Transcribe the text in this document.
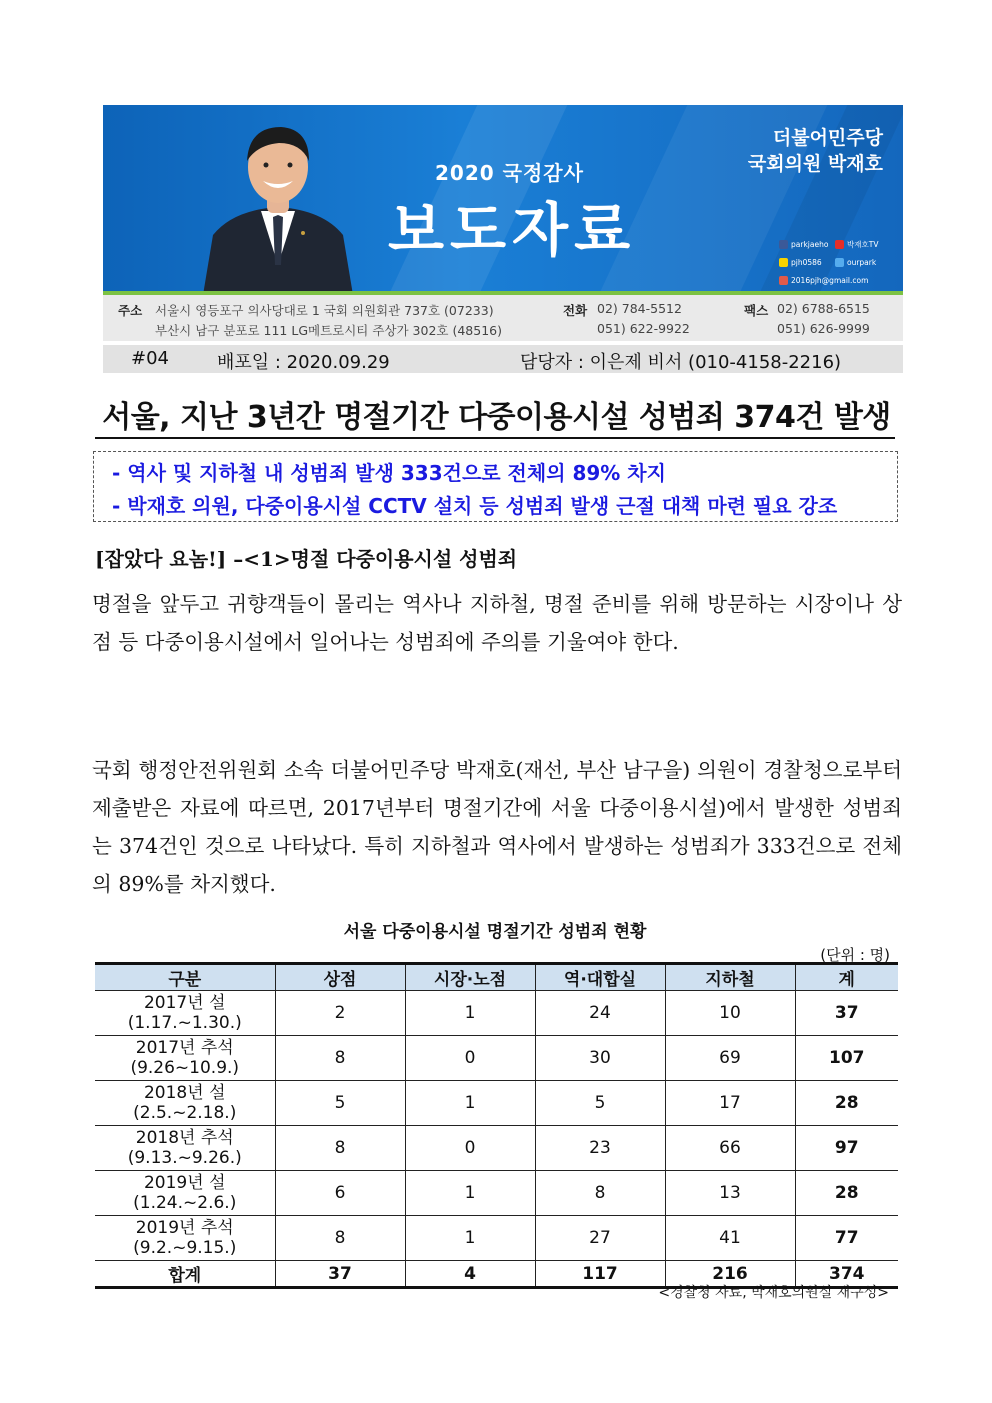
2020 국정감사
보도자료
더불어민주당
국회의원 박재호
parkjaeho 박재호TV
pjh0586	ourpark
2016pjh@gmail.com
주소 서울시 영등포구 의사당대로 1 국회 의원회관 737호 (07233)
부산시 남구 분포로 111 LG메트로시티 주상가 302호 (48516)
전화 02) 784-5512
051) 622-9922
팩스 02) 6788-6515
051) 626-9999
#04	배포일 : 2020.09.29	담당자 : 이은제 비서 (010-4158-2216)
서울, 지난 3년간 명절기간 다중이용시설 성범죄 374건 발생
- 역사 및 지하철 내 성범죄 발생 333건으로 전체의 89% 차지
- 박재호 의원, 다중이용시설 CCTV 설치 등 성범죄 발생 근절 대책 마련 필요 강조
[잡았다 요놈!] –<1>명절 다중이용시설 성범죄
명절을 앞두고 귀향객들이 몰리는 역사나 지하철, 명절 준비를 위해 방문하는 시장이나 상점 등 다중이용시설에서 일어나는 성범죄에 주의를 기울여야 한다.
국회 행정안전위원회 소속 더불어민주당 박재호(재선, 부산 남구을) 의원이 경찰청으로부터 제출받은 자료에 따르면, 2017년부터 명절기간에 서울 다중이용시설)에서 발생한 성범죄는 374건인 것으로 나타났다. 특히 지하철과 역사에서 발생하는 성범죄가 333건으로 전체의 89%를 차지했다.
서울 다중이용시설 명절기간 성범죄 현황
(단위 : 명)
구분	상점	시장·노점	역·대합실	지하철	계

2017년 설
(1.17.~1.30.)	2	1	24	10	37

2017년 추석
(9.26~10.9.)	8	0	30	69	107

2018년 설
(2.5.~2.18.)	5	1	5	17	28

2018년 추석
(9.13.~9.26.)	8	0	23	66	97

2019년 설
(1.24.~2.6.)	6	1	8	13	28

2019년 추석
(9.2.~9.15.)	8	1	27	41	77
합계	37	4	117	216	374
<경찰청 자료, 박재호의원실 재구성>
